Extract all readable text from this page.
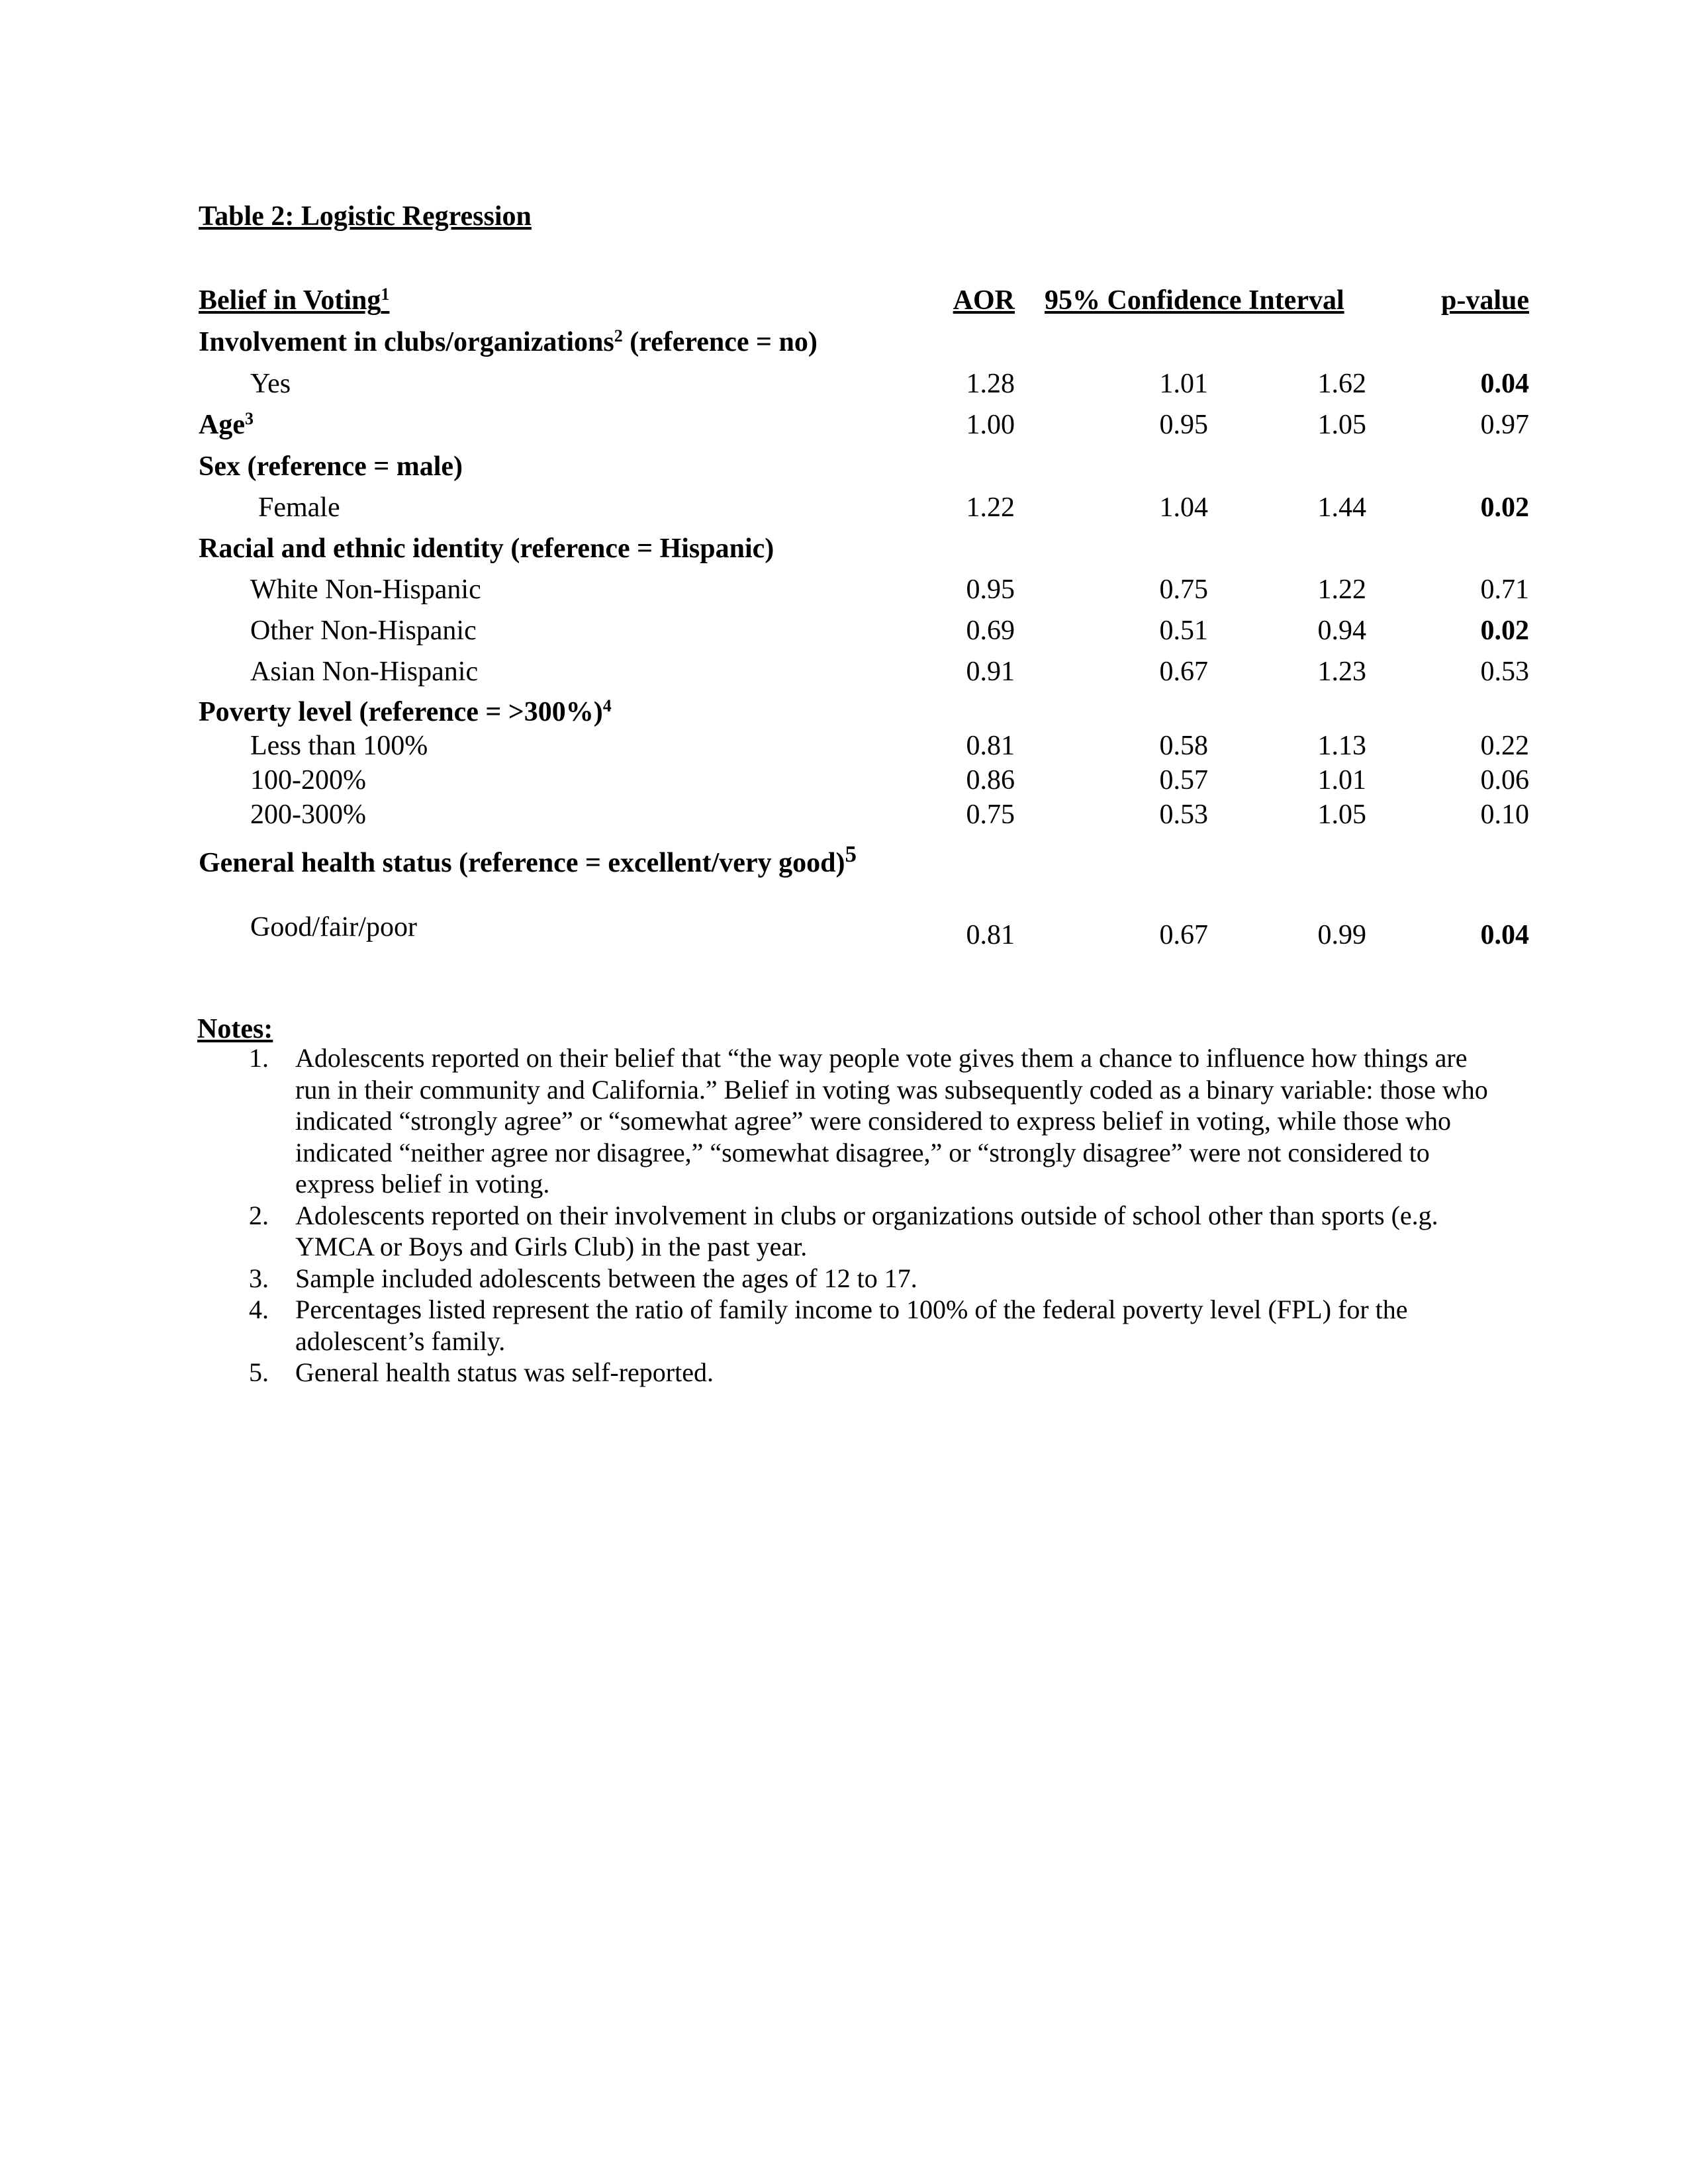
Table 2: Logistic Regression
Belief in Voting$^1$	AOR 95% Confidence Interval	p-value
Involvement in clubs/organizations$^2$ (reference = no)
Yes	1.28	1.01	1.62	0.04
Age$^3$	1.00	0.95	1.05	0.97
Sex (reference = male)
Female	1.22	1.04	1.44	0.02
Racial and ethnic identity (reference = Hispanic)
White Non-Hispanic	0.95	0.75	1.22	0.71
Other Non-Hispanic	0.69	0.51	0.94	0.02
Asian Non-Hispanic	0.91	0.67	1.23	0.53
Poverty level (reference = >300%)$^4$
Less than 100%	0.81	0.58	1.13	0.22
100-200%	0.86	0.57	1.01	0.06
200-300%	0.75	0.53	1.05	0.10
General health status (reference = excellent/very good)$^5$
Good/fair/poor	0.81	0.67	0.99	0.04
Notes:
1. Adolescents reported on their belief that “the way people vote gives them a chance to influence how things are run in their community and California.” Belief in voting was subsequently coded as a binary variable: those who indicated “strongly agree” or “somewhat agree” were considered to express belief in voting, while those who indicated “neither agree nor disagree,” “somewhat disagree,” or “strongly disagree” were not considered to express belief in voting.
2. Adolescents reported on their involvement in clubs or organizations outside of school other than sports (e.g. YMCA or Boys and Girls Club) in the past year.
3. Sample included adolescents between the ages of 12 to 17.
4. Percentages listed represent the ratio of family income to 100% of the federal poverty level (FPL) for the adolescent’s family.
5. General health status was self-reported.
